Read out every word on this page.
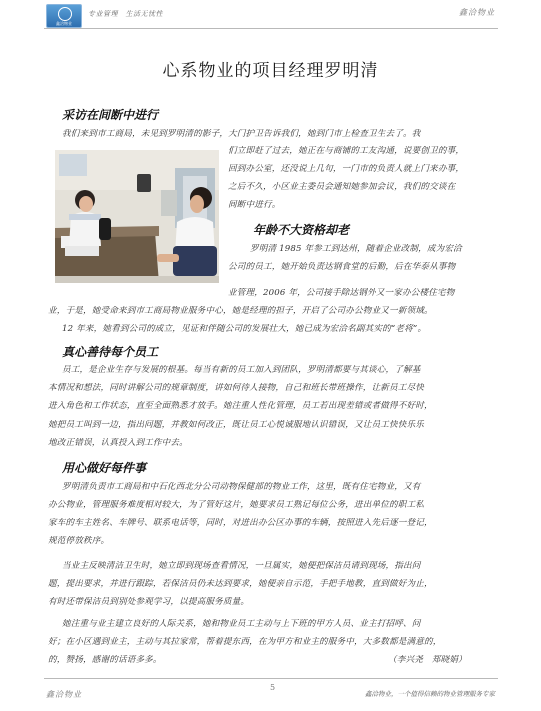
鑫洽物业
专业管理　生活无忧性	鑫洽物业
心系物业的项目经理罗明清
采访在间断中进行
我们来到市工商局，未见到罗明清的影子，大门护卫告诉我们，她到门市上检查卫生去了。我
们立即赶了过去，她正在与商铺的工友沟通，说要创卫的事，
回到办公室，还没说上几句，一门市的负责人就上门来办事，
之后不久，小区业主委员会通知她参加会议，我们的交谈在
间断中进行。
年龄不大资格却老
罗明清 1985 年参工到达州，随着企业改制，成为宏洽
公司的员工，她开始负责达钢食堂的后勤，后在华泰从事物
业管理，2006 年，公司接手除达钢外又一家办公楼住宅物
业，于是，她受命来到市工商局物业服务中心，她是经理的担子，开启了公司办公物业又一新领域。
12 年来，她看到公司的成立，见证和伴随公司的发展壮大，她已成为宏洽名副其实的“老将”。
真心善待每个员工
员工，是企业生存与发展的根基。每当有新的员工加入到团队，罗明清都要与其谈心，了解基
本情况和想法，同时讲解公司的规章制度，讲如何待人接物，自己和班长带班操作，让新员工尽快
进入角色和工作状态，直至全面熟悉才放手。她注重人性化管理，员工若出现差错或者做得不好时，
她把员工叫到一边，指出问题，并教如何改正，既让员工心悦诚服地认识错误，又让员工快快乐乐
地改正错误，认真投入到工作中去。
用心做好每件事
罗明清负责市工商局和中石化西北分公司动物保健部的物业工作，这里，既有住宅物业，又有
办公物业，管理服务难度相对较大，为了管好这片，她要求员工熟记每位公务，进出单位的职工私
家车的车主姓名、车牌号、联系电话等，同时，对进出办公区办事的车辆，按照进入先后逐一登记，
规范停放秩序。
当业主反映清洁卫生时，她立即到现场查看情况，一旦属实，她便把保洁员请到现场，指出问
题，提出要求，并进行跟踪，若保洁员仍未达到要求，她便亲自示范，手把手地教，直到做好为止，
有时还带保洁员到别处参观学习，以提高服务质量。
她注重与业主建立良好的人际关系，她和物业员工主动与上下班的甲方人员、业主打招呼、问
好；在小区遇到业主，主动与其拉家常，帮着提东西，在为甲方和业主的服务中，大多数都是满意的，
的，赞扬，感谢的话语多多。	（李兴尧　郑晓娟）
鑫洽物业
5
鑫洽物业，一个值得信赖的物业管理服务专家
